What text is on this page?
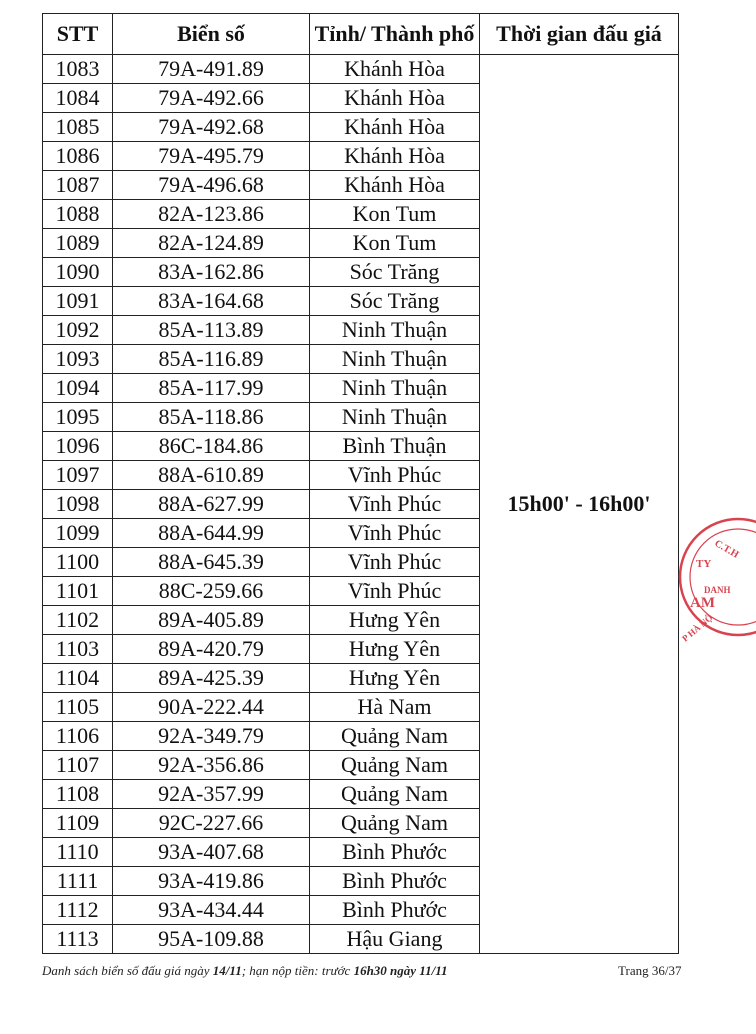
STT	Biển số	Tỉnh/ Thành phố	Thời gian đấu giá
1083	79A-491.89	Khánh Hòa	15h00' - 16h00'
1084	79A-492.66	Khánh Hòa	
1085	79A-492.68	Khánh Hòa	
1086	79A-495.79	Khánh Hòa	
1087	79A-496.68	Khánh Hòa	
1088	82A-123.86	Kon Tum	
1089	82A-124.89	Kon Tum	
1090	83A-162.86	Sóc Trăng	
1091	83A-164.68	Sóc Trăng	
1092	85A-113.89	Ninh Thuận	
1093	85A-116.89	Ninh Thuận	
1094	85A-117.99	Ninh Thuận	
1095	85A-118.86	Ninh Thuận	
1096	86C-184.86	Bình Thuận	
1097	88A-610.89	Vĩnh Phúc	
1098	88A-627.99	Vĩnh Phúc	
1099	88A-644.99	Vĩnh Phúc	
1100	88A-645.39	Vĩnh Phúc	
1101	88C-259.66	Vĩnh Phúc	
1102	89A-405.89	Hưng Yên	
1103	89A-420.79	Hưng Yên	
1104	89A-425.39	Hưng Yên	
1105	90A-222.44	Hà Nam	
1106	92A-349.79	Quảng Nam	
1107	92A-356.86	Quảng Nam	
1108	92A-357.99	Quảng Nam	
1109	92C-227.66	Quảng Nam	
1110	93A-407.68	Bình Phước	
1111	93A-419.86	Bình Phước	
1112	93A-434.44	Bình Phước	
1113	95A-109.88	Hậu Giang	
Danh sách biển số đấu giá ngày 14/11; hạn nộp tiền: trước 16h30 ngày 11/11	Trang 36/37
C.T.H
TY
DANH
AM
P HÀ NỘ
